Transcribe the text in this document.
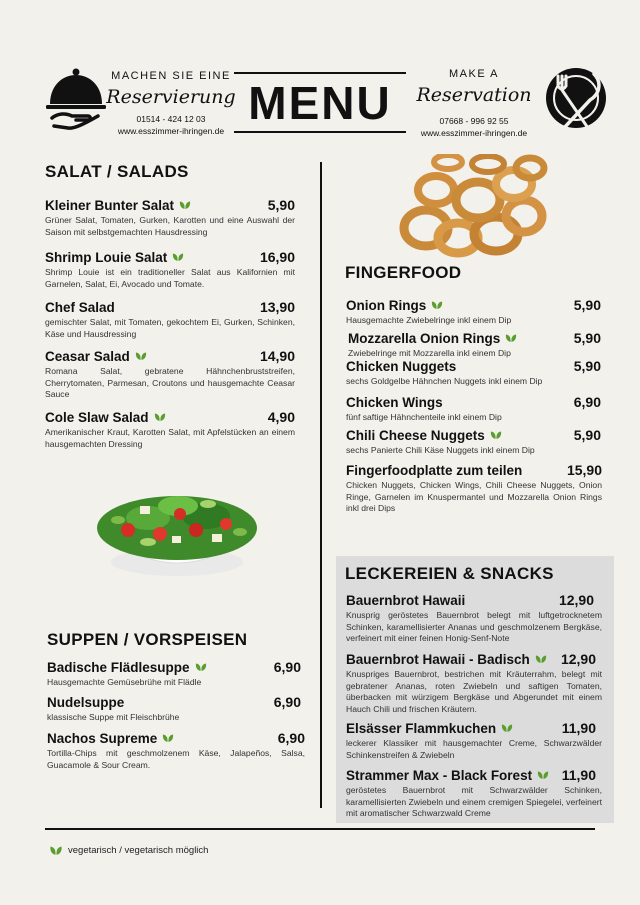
MACHEN SIE EINE
Reservierung
01514 - 424 12 03
www.esszimmer-ihringen.de
MENU
MAKE A
Reservation
07668 - 996 92 55
www.esszimmer-ihringen.de
SALAT / SALADS
Kleiner Bunter Salat	5,90
Grüner Salat, Tomaten, Gurken, Karotten und eine Auswahl der Saison mit selbstgemachten Hausdressing
Shrimp Louie Salat	16,90
Shrimp Louie ist ein traditioneller Salat aus Kalifornien mit Garnelen, Salat, Ei, Avocado und Tomate.
Chef Salad	13,90
gemischter Salat, mit Tomaten, gekochtem Ei, Gurken, Schinken, Käse und Hausdressing
Ceasar Salad	14,90
Romana Salat, gebratene Hähnchenbruststreifen, Cherrytomaten, Parmesan, Croutons und hausgemachte Ceasar Sauce
Cole Slaw Salad	4,90
Amerikanischer Kraut, Karotten Salat, mit Apfelstücken an einem hausgemachten Dressing
SUPPEN / VORSPEISEN
Badische Flädlesuppe	6,90
Hausgemachte Gemüsebrühe mit Flädle
Nudelsuppe	6,90
klassische Suppe mit Fleischbrühe
Nachos Supreme	6,90
Tortilla-Chips mit geschmolzenem Käse, Jalapeños, Salsa, Guacamole & Sour Cream.
FINGERFOOD
Onion Rings	5,90
Hausgemachte Zwiebelringe inkl einem Dip
Mozzarella Onion Rings	5,90
Zwiebelringe mit Mozzarella inkl einem Dip
Chicken Nuggets	5,90
sechs Goldgelbe Hähnchen Nuggets inkl einem Dip
Chicken Wings	6,90
fünf saftige Hähnchenteile inkl einem Dip
Chili Cheese Nuggets	5,90
sechs Panierte Chili Käse Nuggets inkl einem Dip
Fingerfoodplatte zum teilen	15,90
Chicken Nuggets, Chicken Wings, Chili Cheese Nuggets, Onion Ringe, Garnelen im Knuspermantel und Mozzarella Onion Rings inkl drei Dips
LECKEREIEN & SNACKS
Bauernbrot Hawaii	12,90
Knusprig geröstetes Bauernbrot belegt mit luftgetrocknetem Schinken, karamellisierter Ananas und geschmolzenem Bergkäse, verfeinert mit einer feinen Honig-Senf-Note
Bauernbrot Hawaii - Badisch 12,90
Knuspriges Bauernbrot, bestrichen mit Kräuterrahm, belegt mit gebratener Ananas, roten Zwiebeln und saftigen Tomaten, überbacken mit würzigem Bergkäse und Abgerundet mit einem Hauch Chili und frischen Kräutern.
Elsässer Flammkuchen	11,90
leckerer Klassiker mit hausgemachter Creme, Schwarzwälder Schinkenstreifen & Zwiebeln
Strammer Max - Black Forest 11,90
geröstetes Bauernbrot mit Schwarzwälder Schinken, karamellisierten Zwiebeln und einem cremigen Spiegelei, verfeinert mit aromatischer Schwarzwald Creme
vegetarisch / vegetarisch möglich
